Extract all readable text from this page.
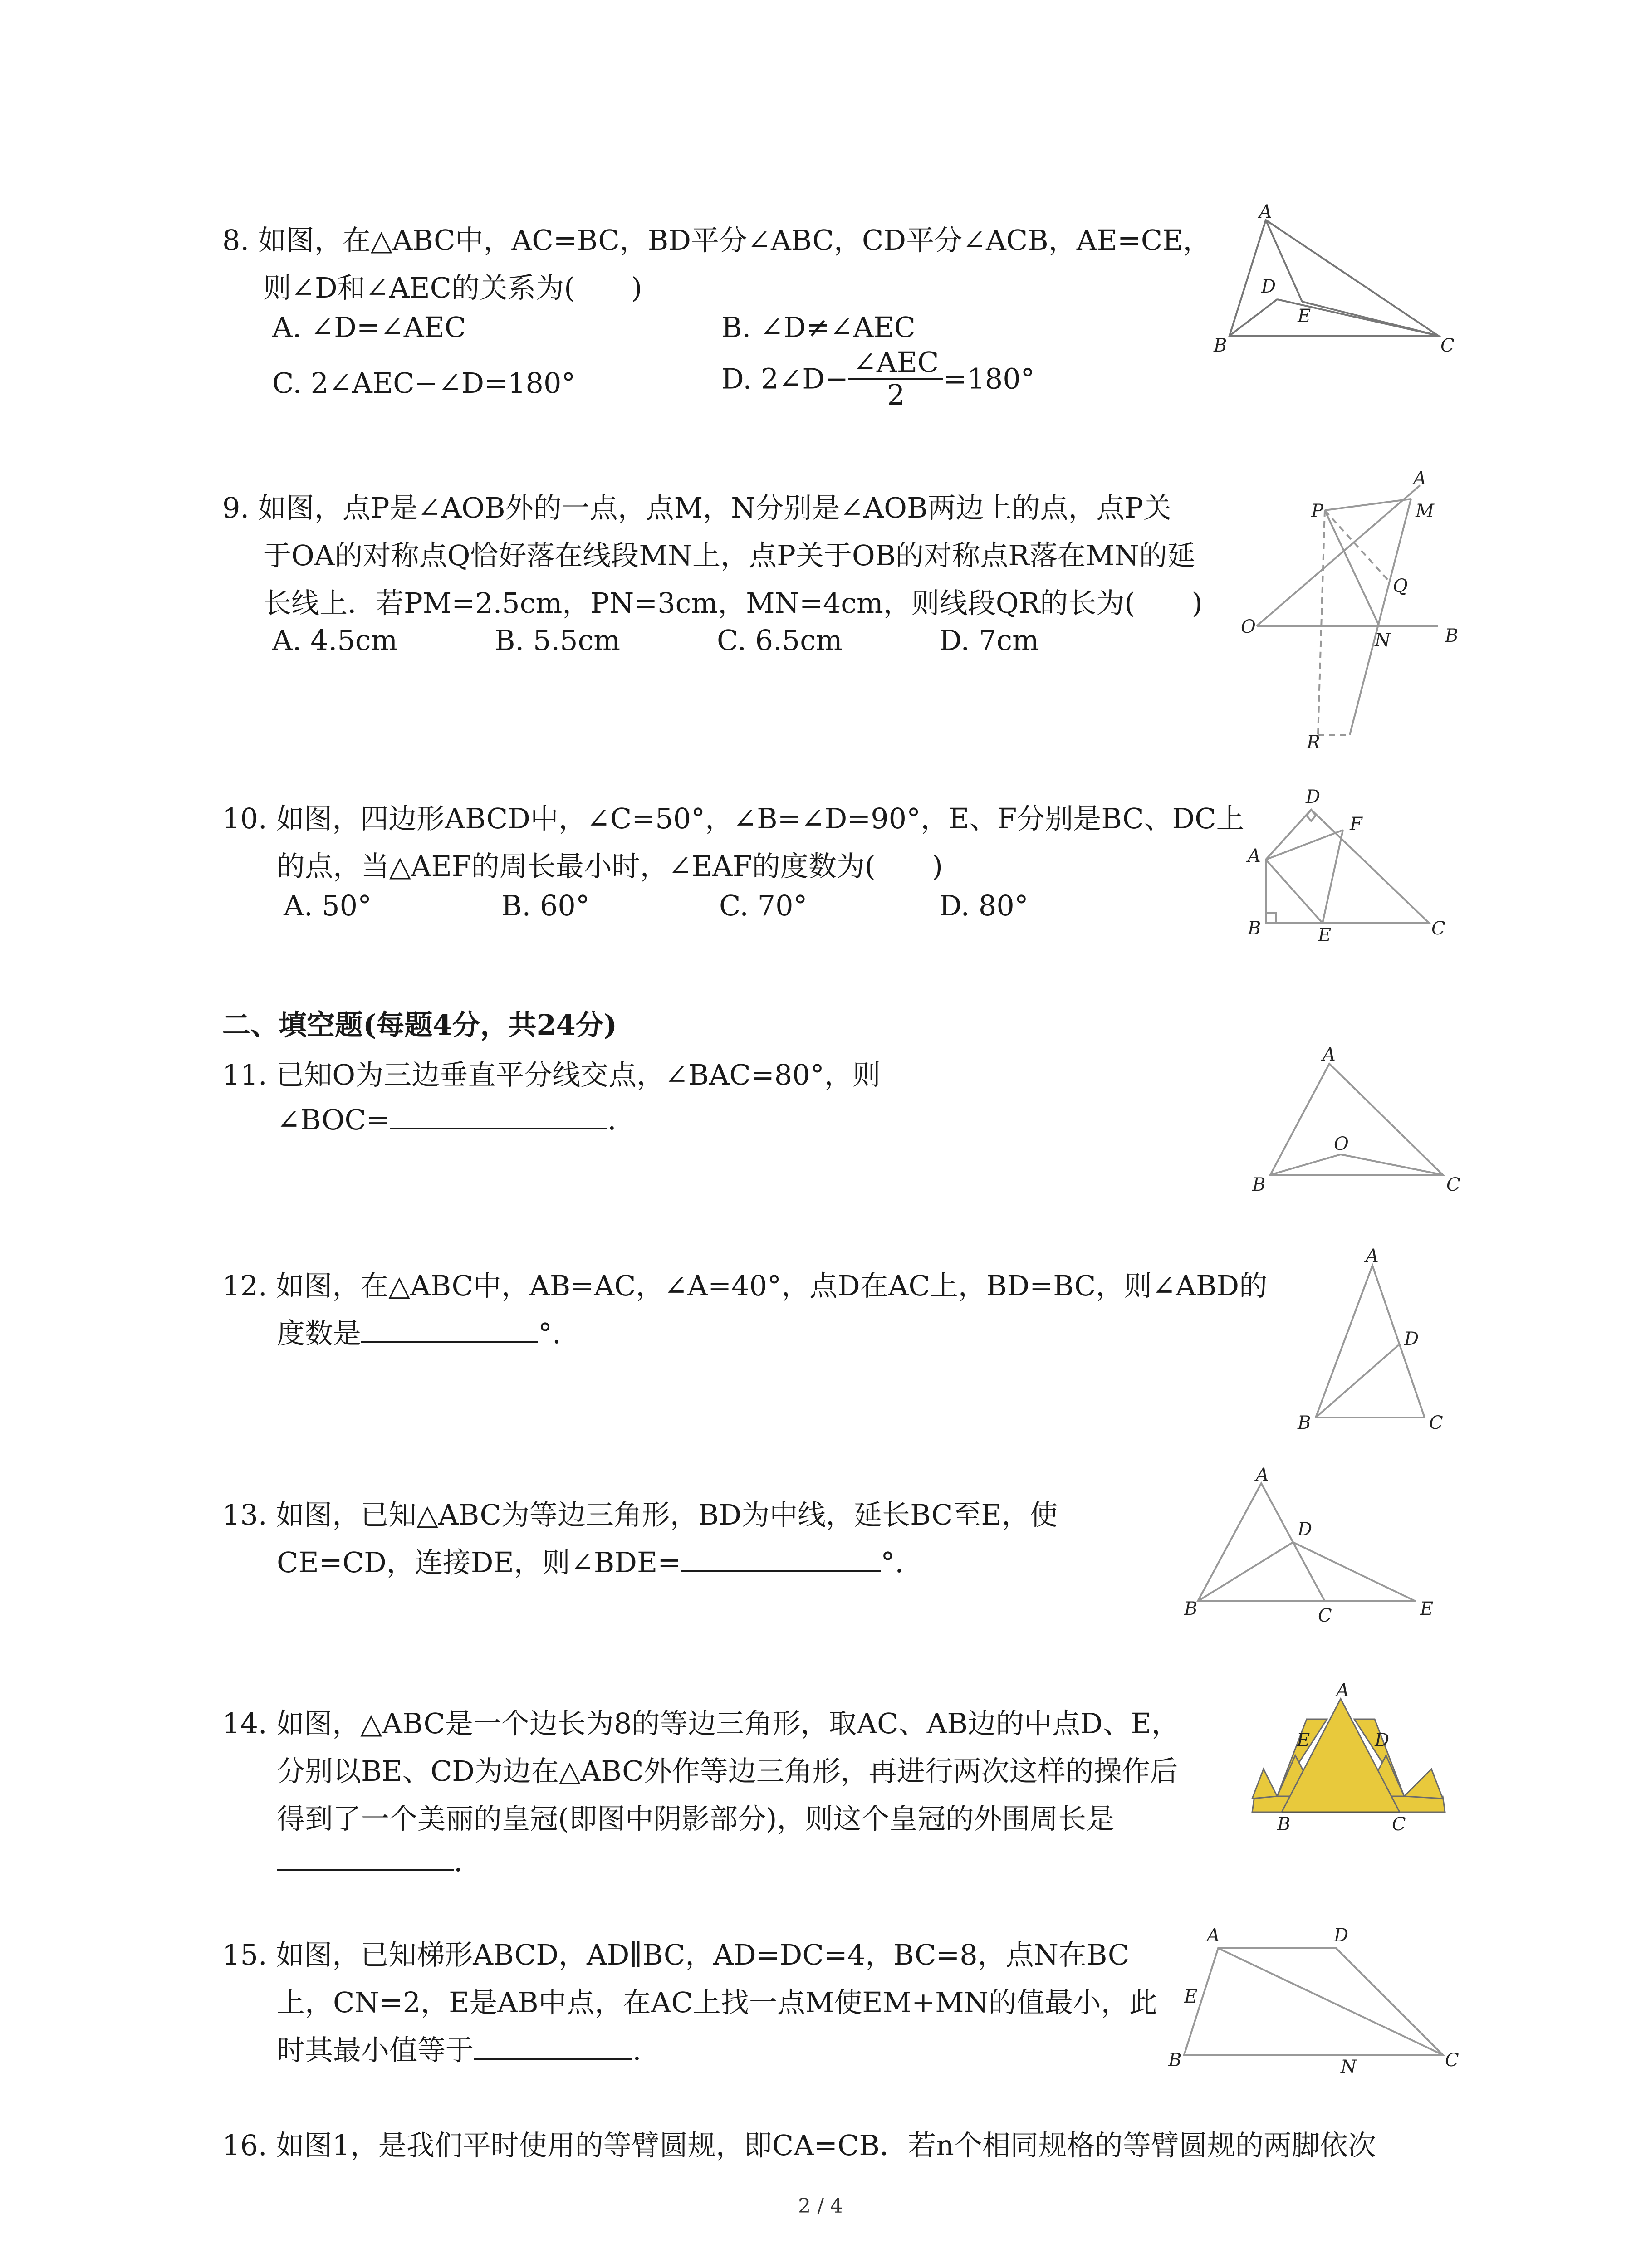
8. 如图，在△ABC中，AC=BC，BD平分∠ABC，CD平分∠ACB，AE=CE，
则∠D和∠AEC的关系为(　　)
A. ∠D=∠AEC	B. ∠D≠∠AEC
C. 2∠AEC−∠D=180°	D. 2∠D− $\frac{\text{∠AEC}}{2} =180^\circ$
A
B	C
D
E
9. 如图，点P是∠AOB外的一点，点M，N分别是∠AOB两边上的点，点P关
于OA的对称点Q恰好落在线段MN上，点P关于OB的对称点R落在MN的延
长线上．若PM=2.5cm，PN=3cm，MN=4cm，则线段QR的长为(　　)
A. 4.5cm	B. 5.5cm	C. 6.5cm	D. 7cm
A
M
P
Q
O
N	B
R
10. 如图，四边形ABCD中，∠C=50°，∠B=∠D=90°，E、F分别是BC、DC上
的点，当△AEF的周长最小时，∠EAF的度数为(　　)
A. 50°	B. 60°	C. 70°	D. 80°
D
F
A
B	E	C
二、填空题(每题4分，共24分)
11. 已知O为三边垂直平分线交点，∠BAC=80°，则
∠BOC=	.
A
B	C
O
12. 如图，在△ABC中，AB=AC，∠A=40°，点D在AC上，BD=BC，则∠ABD的
度数是	°.
A
D
B	C
13. 如图，已知△ABC为等边三角形，BD为中线，延长BC至E，使
CE=CD，连接DE，则∠BDE=	°.
A
D
B	C	E
14. 如图，△ABC是一个边长为8的等边三角形，取AC、AB边的中点D、E，
分别以BE、CD为边在△ABC外作等边三角形，再进行两次这样的操作后
得到了一个美丽的皇冠(即图中阴影部分)，则这个皇冠的外围周长是
.
A
E	D
B	C
15. 如图，已知梯形ABCD，AD∥BC，AD=DC=4，BC=8，点N在BC
上，CN=2，E是AB中点，在AC上找一点M使EM+MN的值最小，此
时其最小值等于	.
A	D
E
B	N	C
16. 如图1，是我们平时使用的等臂圆规，即CA=CB．若n个相同规格的等臂圆规的两脚依次
2 / 4
